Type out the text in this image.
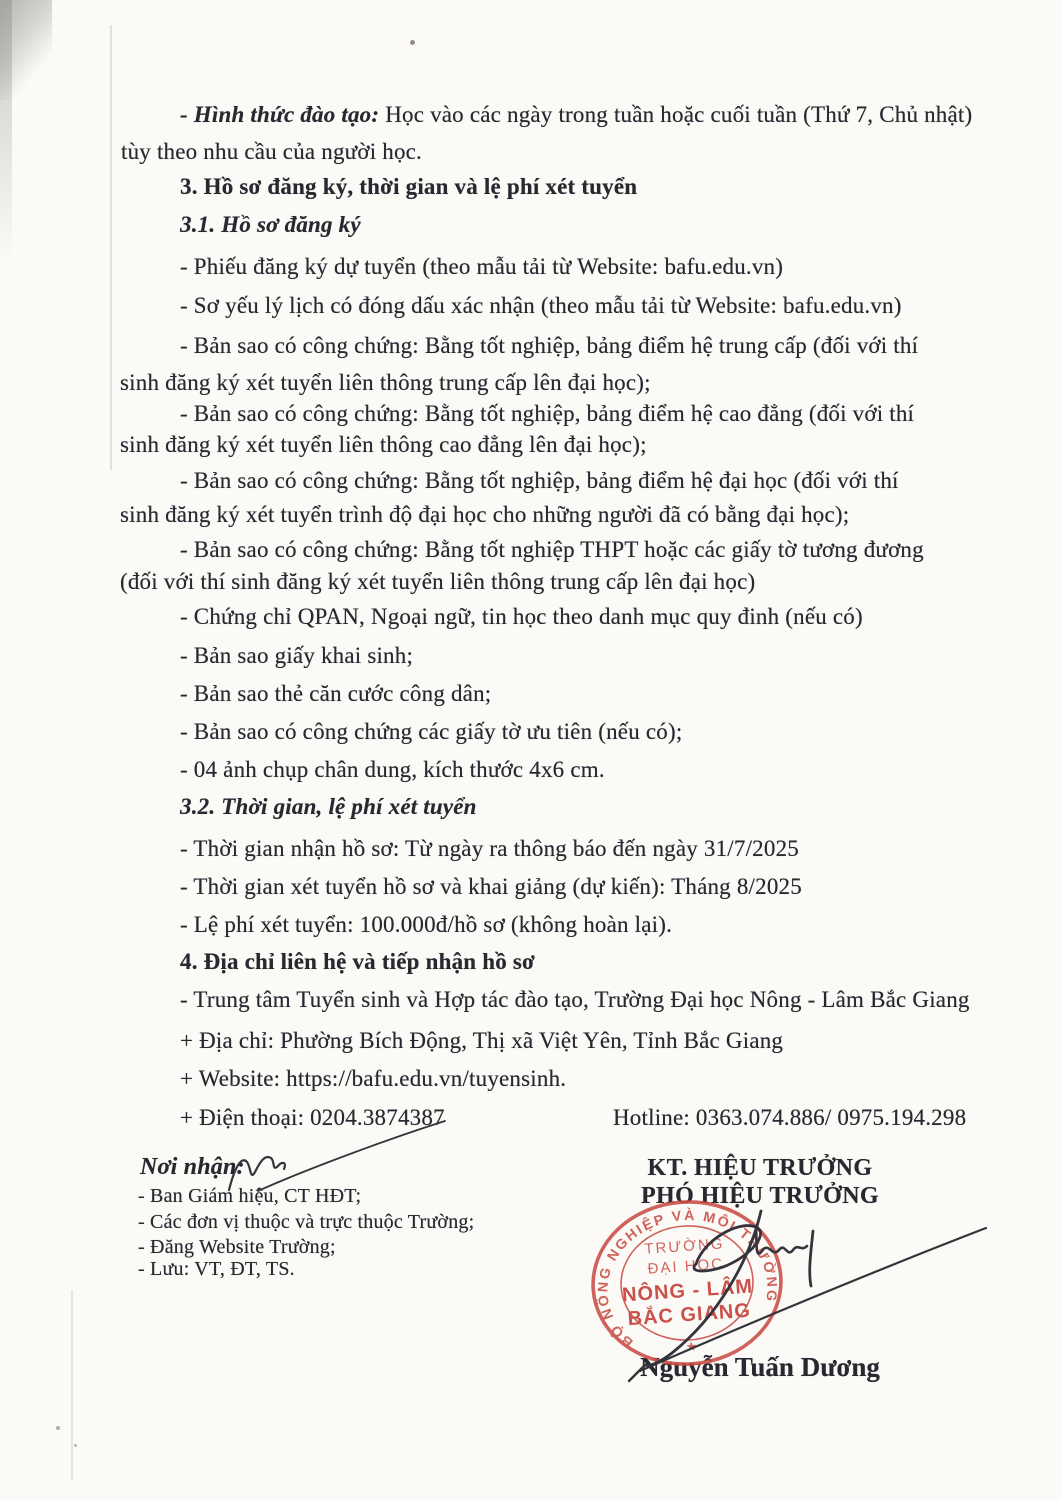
- Hình thức đào tạo: Học vào các ngày trong tuần hoặc cuối tuần (Thứ 7, Chủ nhật)
tùy theo nhu cầu của người học.
3. Hồ sơ đăng ký, thời gian và lệ phí xét tuyển
3.1. Hồ sơ đăng ký
- Phiếu đăng ký dự tuyển (theo mẫu tải từ Website: bafu.edu.vn)
- Sơ yếu lý lịch có đóng dấu xác nhận (theo mẫu tải từ Website: bafu.edu.vn)
- Bản sao có công chứng: Bằng tốt nghiệp, bảng điểm hệ trung cấp (đối với thí
sinh đăng ký xét tuyển liên thông trung cấp lên đại học);
- Bản sao có công chứng: Bằng tốt nghiệp, bảng điểm hệ cao đẳng (đối với thí
sinh đăng ký xét tuyển liên thông cao đẳng lên đại học);
- Bản sao có công chứng: Bằng tốt nghiệp, bảng điểm hệ đại học (đối với thí
sinh đăng ký xét tuyển trình độ đại học cho những người đã có bằng đại học);
- Bản sao có công chứng: Bằng tốt nghiệp THPT hoặc các giấy tờ tương đương
(đối với thí sinh đăng ký xét tuyển liên thông trung cấp lên đại học)
- Chứng chỉ QPAN, Ngoại ngữ, tin học theo danh mục quy đinh (nếu có)
- Bản sao giấy khai sinh;
- Bản sao thẻ căn cước công dân;
- Bản sao có công chứng các giấy tờ ưu tiên (nếu có);
- 04 ảnh chụp chân dung, kích thước 4x6 cm.
3.2. Thời gian, lệ phí xét tuyển
- Thời gian nhận hồ sơ: Từ ngày ra thông báo đến ngày 31/7/2025
- Thời gian xét tuyển hồ sơ và khai giảng (dự kiến): Tháng 8/2025
- Lệ phí xét tuyển: 100.000đ/hồ sơ (không hoàn lại).
4. Địa chỉ liên hệ và tiếp nhận hồ sơ
- Trung tâm Tuyển sinh và Hợp tác đào tạo, Trường Đại học Nông - Lâm Bắc Giang
+ Địa chỉ: Phường Bích Động, Thị xã Việt Yên, Tỉnh Bắc Giang
+ Website: https://bafu.edu.vn/tuyensinh.
+ Điện thoại: 0204.3874387	Hotline: 0363.074.886/ 0975.194.298
Nơi nhận:
- Ban Giám hiệu, CT HĐT;
- Các đơn vị thuộc và trực thuộc Trường;
- Đăng Website Trường;
- Lưu: VT, ĐT, TS.
KT. HIỆU TRƯỞNG
PHÓ HIỆU TRƯỞNG
Nguyễn Tuấn Dương
BỘ NÔNG NGHIỆP VÀ MÔI TRƯỜNG
★
TRƯỜNG
ĐẠI HỌC
NÔNG - LÂM
BẮC GIANG
